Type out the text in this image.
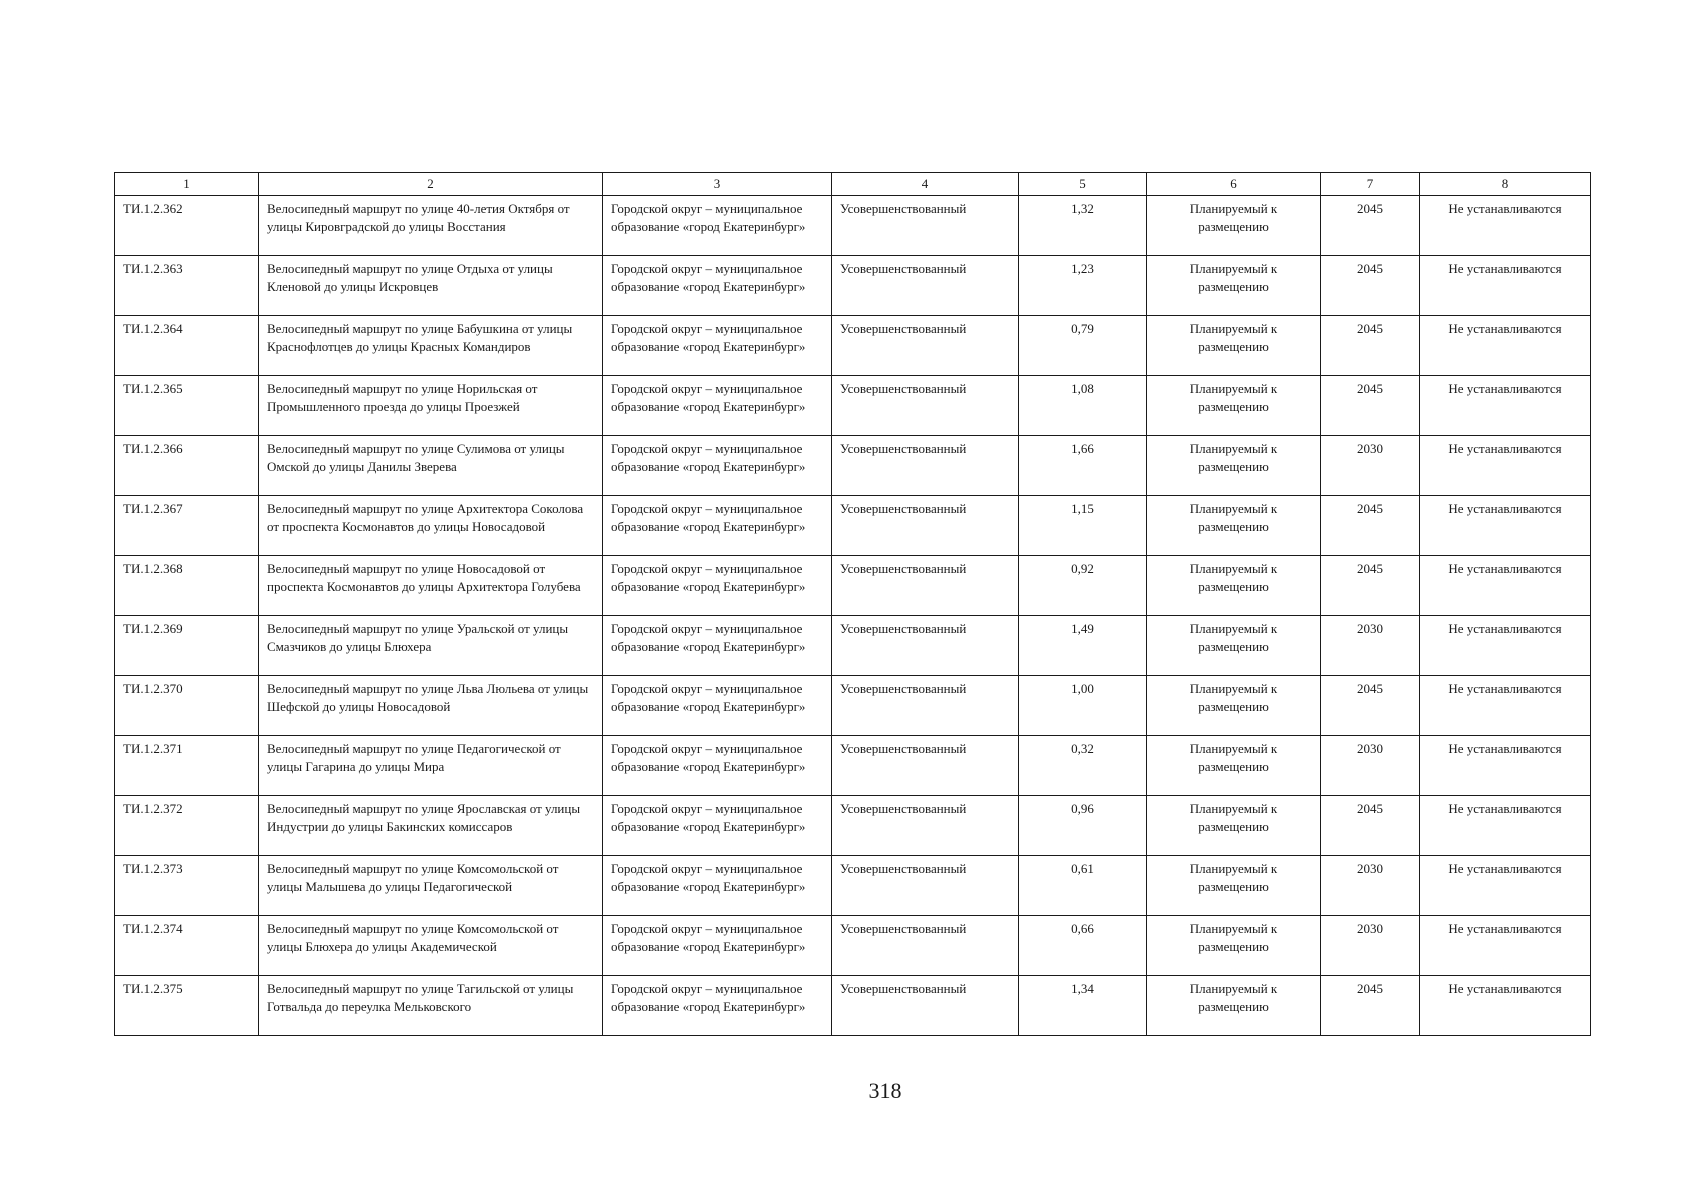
1	2	3	4	5	6	7	8
ТИ.1.2.362	Велосипедный маршрут по улице 40-летия Октября от улицы Кировградской до улицы Восстания	Городской округ – муниципальное образование «город Екатеринбург»	Усовершенствованный	1,32	Планируемый к размещению	2045	Не устанавливаются
ТИ.1.2.363	Велосипедный маршрут по улице Отдыха от улицы Кленовой до улицы Искровцев	Городской округ – муниципальное образование «город Екатеринбург»	Усовершенствованный	1,23	Планируемый к размещению	2045	Не устанавливаются
ТИ.1.2.364	Велосипедный маршрут по улице Бабушкина от улицы Краснофлотцев до улицы Красных Командиров	Городской округ – муниципальное образование «город Екатеринбург»	Усовершенствованный	0,79	Планируемый к размещению	2045	Не устанавливаются
ТИ.1.2.365	Велосипедный маршрут по улице Норильская от Промышленного проезда до улицы Проезжей	Городской округ – муниципальное образование «город Екатеринбург»	Усовершенствованный	1,08	Планируемый к размещению	2045	Не устанавливаются
ТИ.1.2.366	Велосипедный маршрут по улице Сулимова от улицы Омской до улицы Данилы Зверева	Городской округ – муниципальное образование «город Екатеринбург»	Усовершенствованный	1,66	Планируемый к размещению	2030	Не устанавливаются
ТИ.1.2.367	Велосипедный маршрут по улице Архитектора Соколова от проспекта Космонавтов до улицы Новосадовой	Городской округ – муниципальное образование «город Екатеринбург»	Усовершенствованный	1,15	Планируемый к размещению	2045	Не устанавливаются
ТИ.1.2.368	Велосипедный маршрут по улице Новосадовой от проспекта Космонавтов до улицы Архитектора Голубева	Городской округ – муниципальное образование «город Екатеринбург»	Усовершенствованный	0,92	Планируемый к размещению	2045	Не устанавливаются
ТИ.1.2.369	Велосипедный маршрут по улице Уральской от улицы Смазчиков до улицы Блюхера	Городской округ – муниципальное образование «город Екатеринбург»	Усовершенствованный	1,49	Планируемый к размещению	2030	Не устанавливаются
ТИ.1.2.370	Велосипедный маршрут по улице Льва Люльева от улицы Шефской до улицы Новосадовой	Городской округ – муниципальное образование «город Екатеринбург»	Усовершенствованный	1,00	Планируемый к размещению	2045	Не устанавливаются
ТИ.1.2.371	Велосипедный маршрут по улице Педагогической от улицы Гагарина до улицы Мира	Городской округ – муниципальное образование «город Екатеринбург»	Усовершенствованный	0,32	Планируемый к размещению	2030	Не устанавливаются
ТИ.1.2.372	Велосипедный маршрут по улице Ярославская от улицы Индустрии до улицы Бакинских комиссаров	Городской округ – муниципальное образование «город Екатеринбург»	Усовершенствованный	0,96	Планируемый к размещению	2045	Не устанавливаются
ТИ.1.2.373	Велосипедный маршрут по улице Комсомольской от улицы Малышева до улицы Педагогической	Городской округ – муниципальное образование «город Екатеринбург»	Усовершенствованный	0,61	Планируемый к размещению	2030	Не устанавливаются
ТИ.1.2.374	Велосипедный маршрут по улице Комсомольской от улицы Блюхера до улицы Академической	Городской округ – муниципальное образование «город Екатеринбург»	Усовершенствованный	0,66	Планируемый к размещению	2030	Не устанавливаются
ТИ.1.2.375	Велосипедный маршрут по улице Тагильской от улицы Готвальда до переулка Мельковского	Городской округ – муниципальное образование «город Екатеринбург»	Усовершенствованный	1,34	Планируемый к размещению	2045	Не устанавливаются
318
